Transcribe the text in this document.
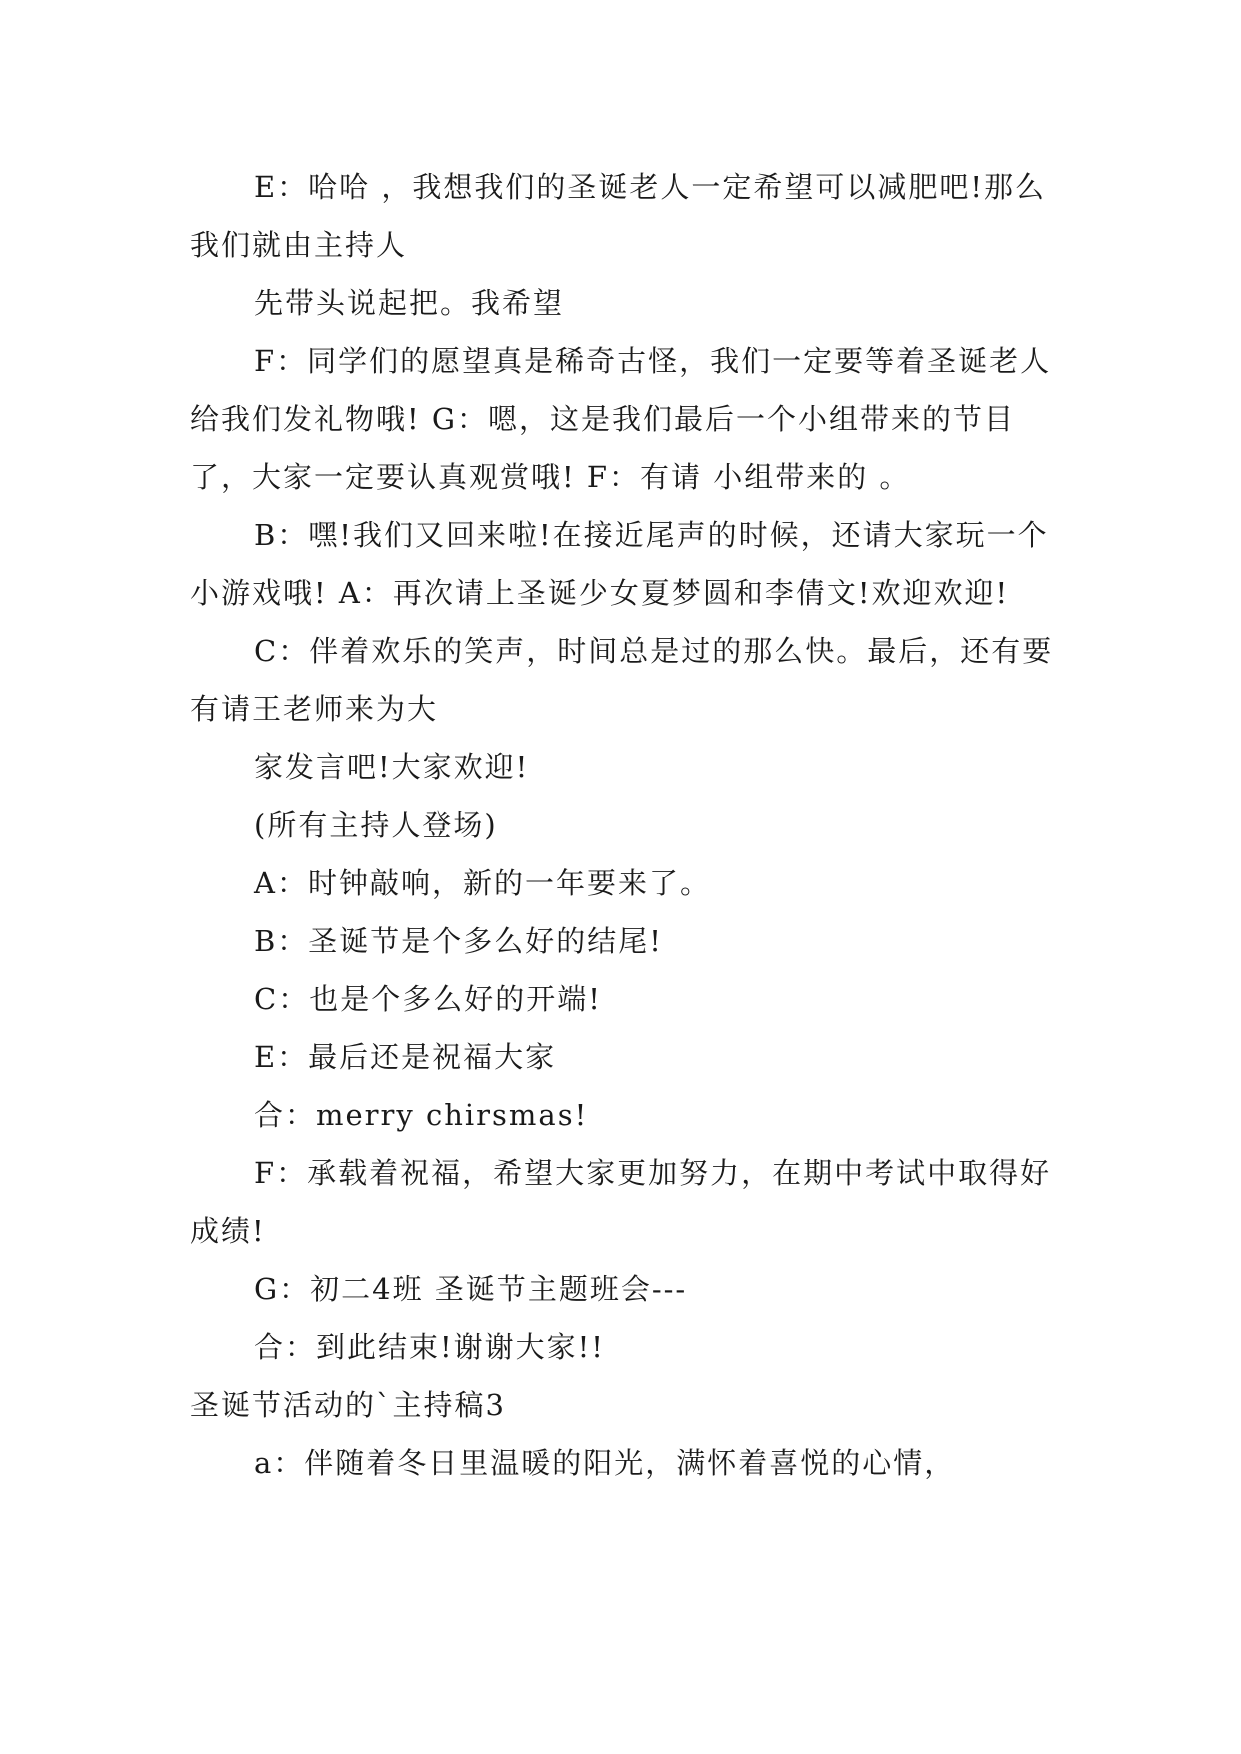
E：哈哈 ，我想我们的圣诞老人一定希望可以减肥吧!那么我们就由主持人

先带头说起把。我希望

F：同学们的愿望真是稀奇古怪，我们一定要等着圣诞老人给我们发礼物哦! G：嗯，这是我们最后一个小组带来的节目了，大家一定要认真观赏哦! F：有请 小组带来的 。

B：嘿!我们又回来啦!在接近尾声的时候，还请大家玩一个小游戏哦! A：再次请上圣诞少女夏梦圆和李倩文!欢迎欢迎!

C：伴着欢乐的笑声，时间总是过的那么快。最后，还有要有请王老师来为大

家发言吧!大家欢迎!

(所有主持人登场)

A：时钟敲响，新的一年要来了。

B：圣诞节是个多么好的结尾!

C：也是个多么好的开端!

E：最后还是祝福大家

合：merry chirsmas!

F：承载着祝福，希望大家更加努力，在期中考试中取得好成绩!

G：初二4班 圣诞节主题班会---

合：到此结束!谢谢大家!!

圣诞节活动的`主持稿3

a：伴随着冬日里温暖的阳光，满怀着喜悦的心情，
